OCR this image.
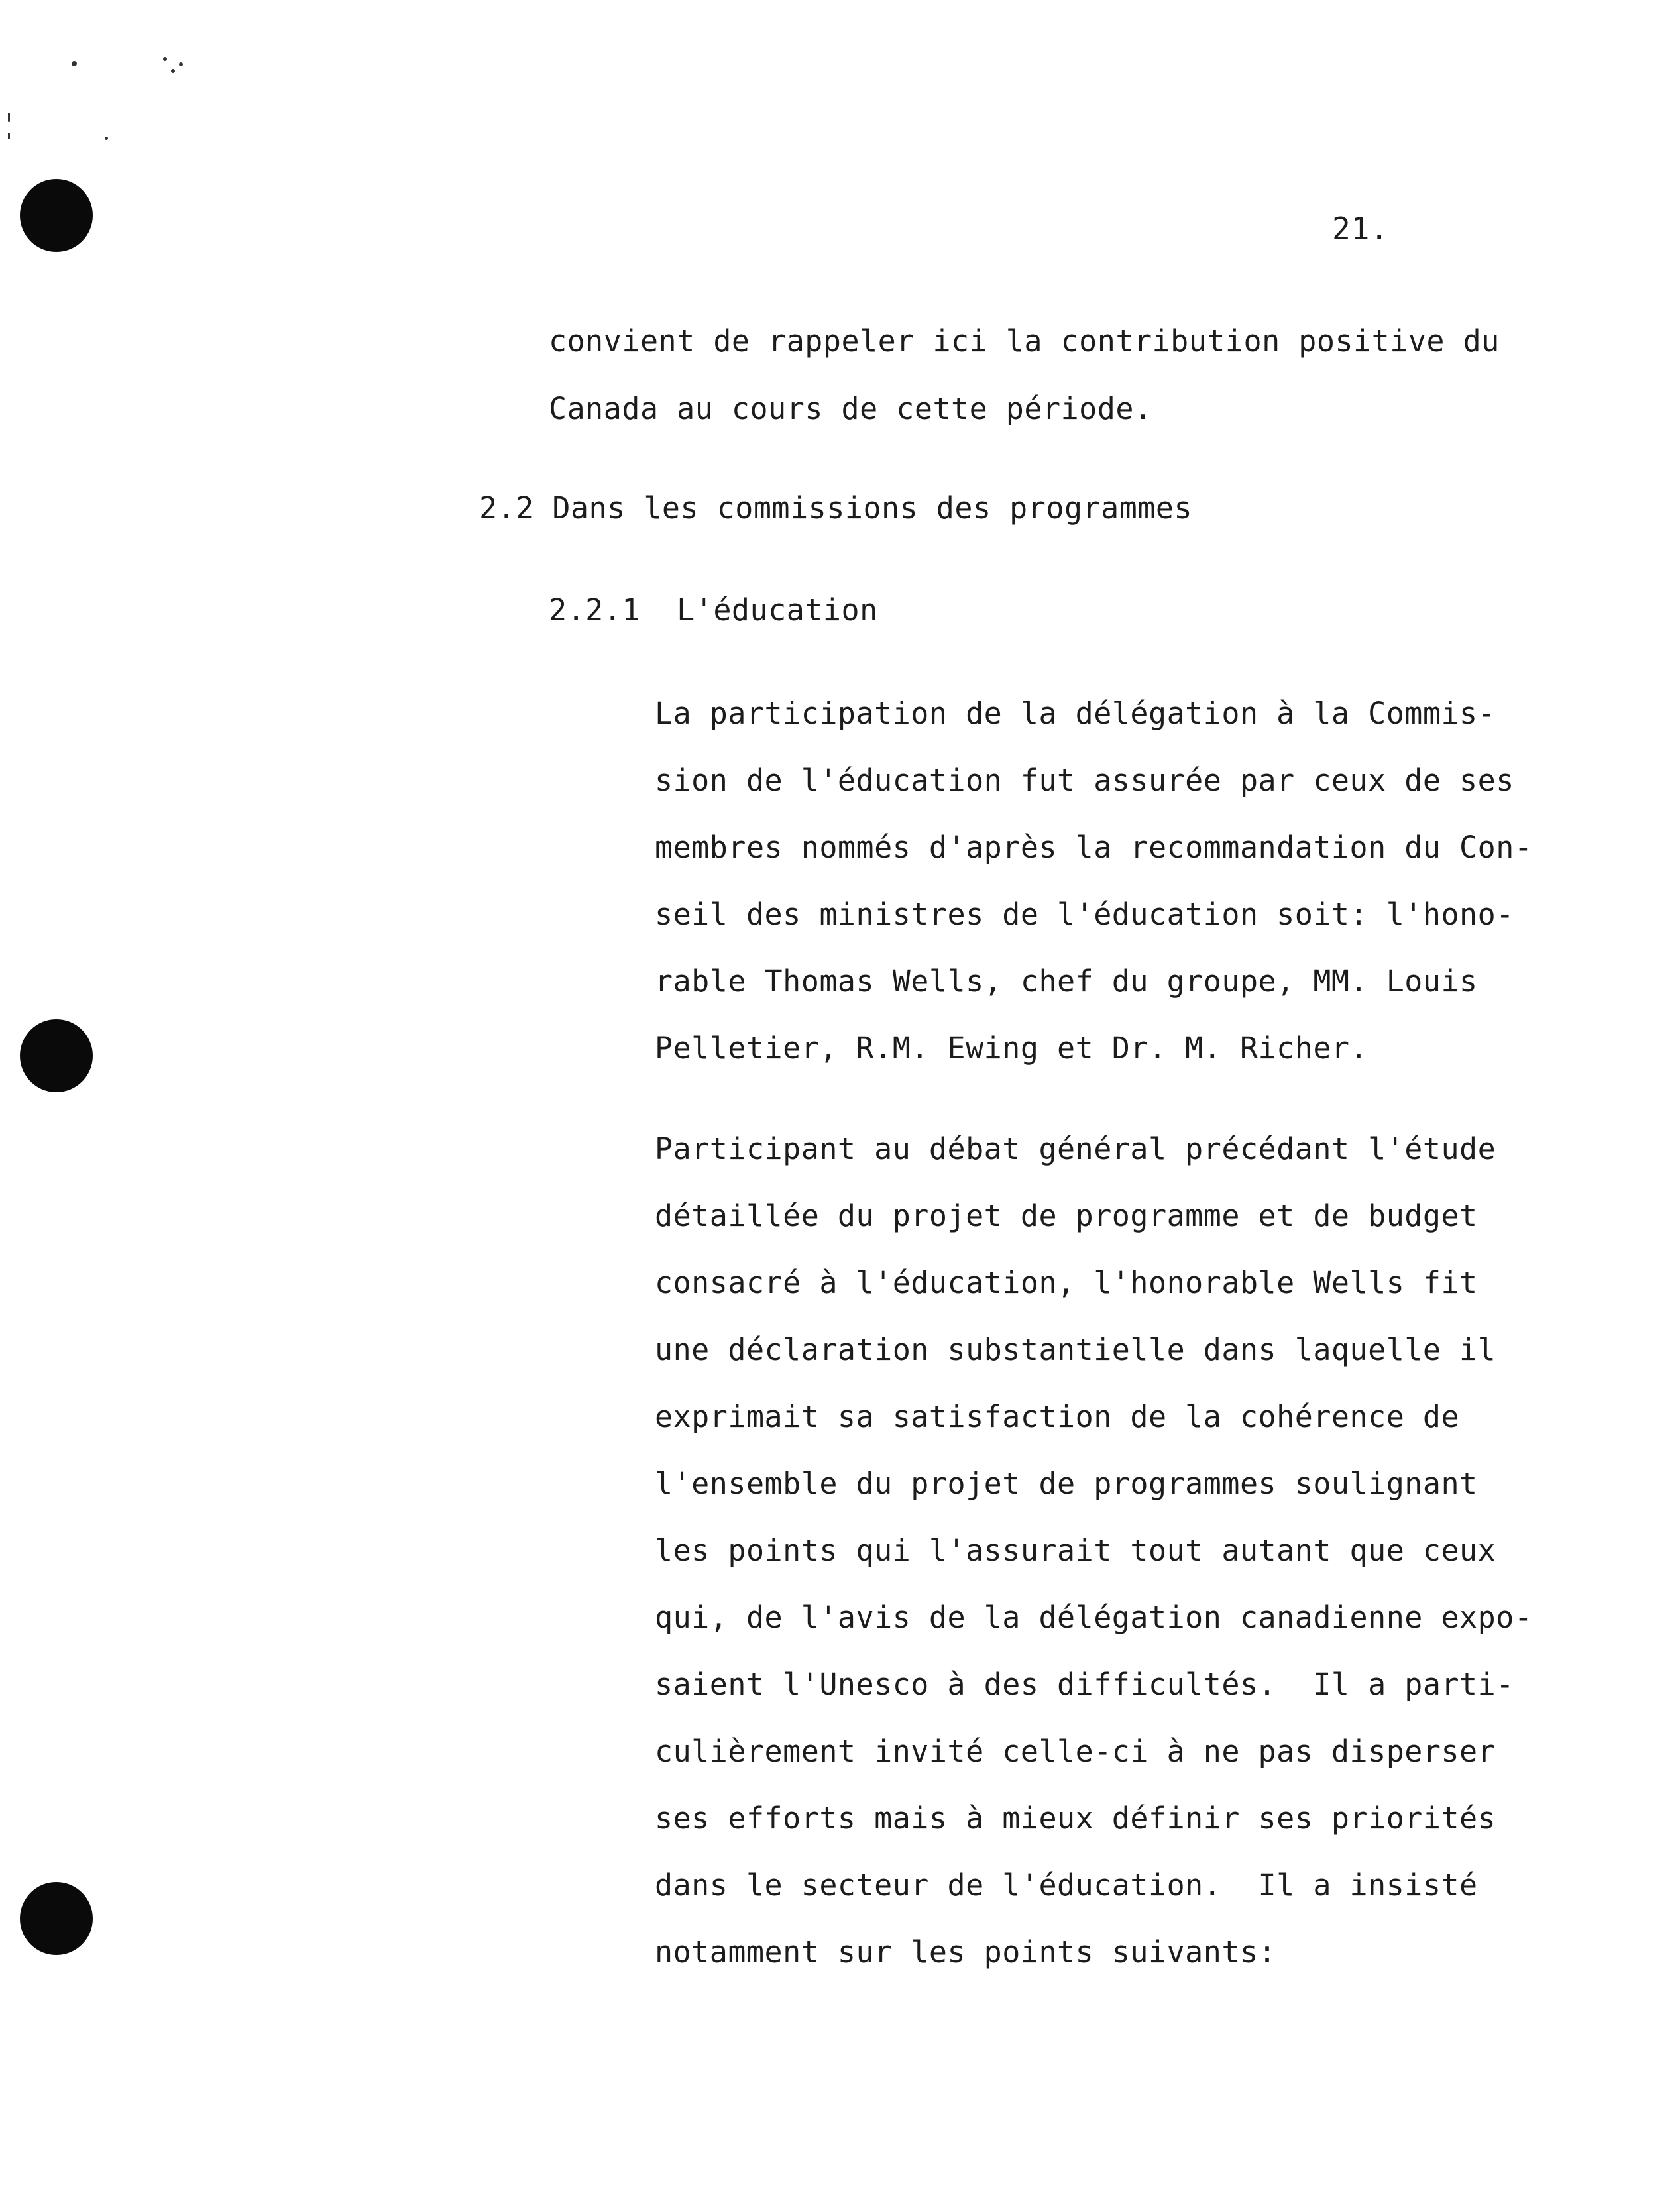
21.
convient de rappeler ici la contribution positive du
Canada au cours de cette période.
2.2 Dans les commissions des programmes
2.2.1  L'éducation
La participation de la délégation à la Commis-
sion de l'éducation fut assurée par ceux de ses
membres nommés d'après la recommandation du Con-
seil des ministres de l'éducation soit: l'hono-
rable Thomas Wells, chef du groupe, MM. Louis
Pelletier, R.M. Ewing et Dr. M. Richer.
Participant au débat général précédant l'étude
détaillée du projet de programme et de budget
consacré à l'éducation, l'honorable Wells fit
une déclaration substantielle dans laquelle il
exprimait sa satisfaction de la cohérence de
l'ensemble du projet de programmes soulignant
les points qui l'assurait tout autant que ceux
qui, de l'avis de la délégation canadienne expo-
saient l'Unesco à des difficultés.  Il a parti-
culièrement invité celle-ci à ne pas disperser
ses efforts mais à mieux définir ses priorités
dans le secteur de l'éducation.  Il a insisté
notamment sur les points suivants:
